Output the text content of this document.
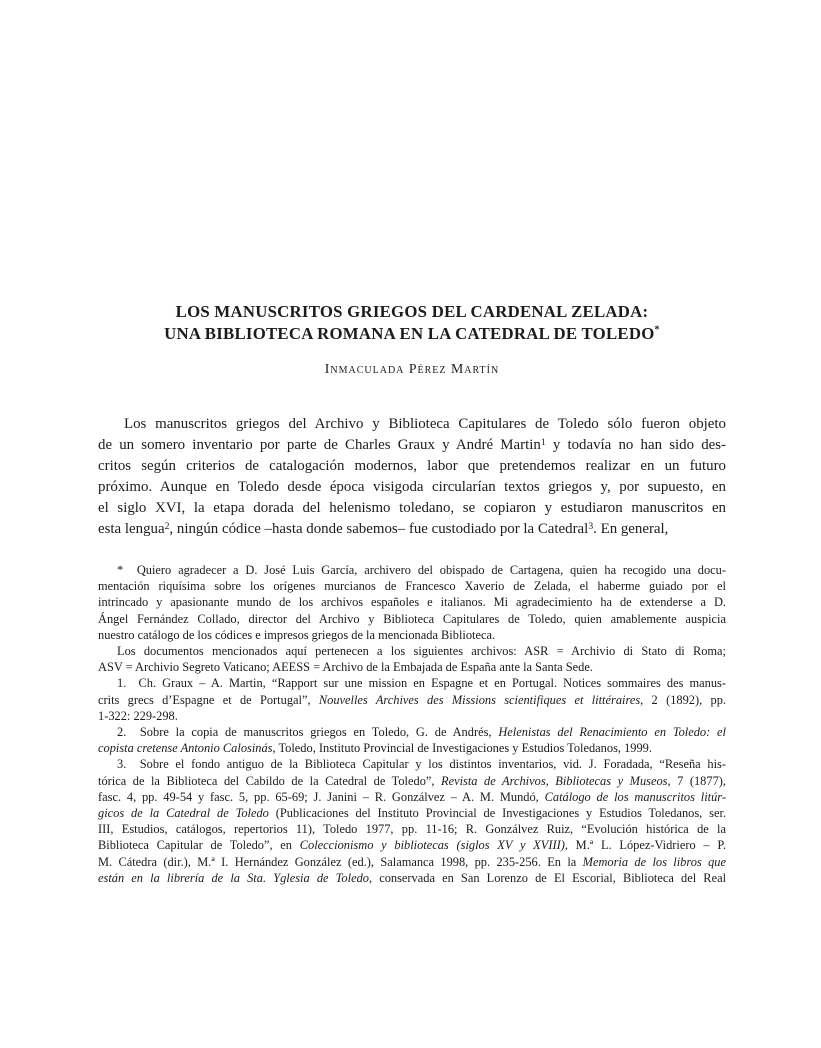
LOS MANUSCRITOS GRIEGOS DEL CARDENAL ZELADA:
UNA BIBLIOTECA ROMANA EN LA CATEDRAL DE TOLEDO*
Inmaculada Pérez Martín
Los manuscritos griegos del Archivo y Biblioteca Capitulares de Toledo sólo fueron objeto
de un somero inventario por parte de Charles Graux y André Martin$^1$ y todavía no han sido des-
critos según criterios de catalogación modernos, labor que pretendemos realizar en un futuro
próximo. Aunque en Toledo desde época visigoda circularían textos griegos y, por supuesto, en
el siglo XVI, la etapa dorada del helenismo toledano, se copiaron y estudiaron manuscritos en
esta lengua$^2$, ningún códice –hasta donde sabemos– fue custodiado por la Catedral$^3$. En general,
*  Quiero agradecer a D. José Luis García, archivero del obispado de Cartagena, quien ha recogido una docu-
mentación riquísima sobre los orígenes murcianos de Francesco Xaverio de Zelada, el haberme guiado por el
intrincado y apasionante mundo de los archivos españoles e italianos. Mi agradecimiento ha de extenderse a D.
Ángel Fernández Collado, director del Archivo y Biblioteca Capitulares de Toledo, quien amablemente auspicia
nuestro catálogo de los códices e impresos griegos de la mencionada Biblioteca.
Los documentos mencionados aquí pertenecen a los siguientes archivos: ASR = Archivio di Stato di Roma;
ASV = Archivio Segreto Vaticano; AEESS = Archivo de la Embajada de España ante la Santa Sede.
1.  Ch. Graux – A. Martin, “Rapport sur une mission en Espagne et en Portugal. Notices sommaires des manus-
crits grecs d’Espagne et de Portugal”, Nouvelles Archives des Missions scientifiques et littéraires, 2 (1892), pp.
1-322: 229-298.
2.  Sobre la copia de manuscritos griegos en Toledo, G. de Andrés, Helenistas del Renacimiento en Toledo: el
copista cretense Antonio Calosinás, Toledo, Instituto Provincial de Investigaciones y Estudios Toledanos, 1999.
3.  Sobre el fondo antiguo de la Biblioteca Capitular y los distintos inventarios, vid. J. Foradada, “Reseña his-
tórica de la Biblioteca del Cabildo de la Catedral de Toledo”, Revista de Archivos, Bibliotecas y Museos, 7 (1877),
fasc. 4, pp. 49-54 y fasc. 5, pp. 65-69; J. Janini – R. Gonzálvez – A. M. Mundó, Catálogo de los manuscritos litúr-
gicos de la Catedral de Toledo (Publicaciones del Instituto Provincial de Investigaciones y Estudios Toledanos, ser.
III, Estudios, catálogos, repertorios 11), Toledo 1977, pp. 11-16; R. Gonzálvez Ruiz, “Evolución histórica de la
Biblioteca Capitular de Toledo”, en Coleccionismo y bibliotecas (siglos XV y XVIII), M.ª L. López-Vidriero – P.
M. Cátedra (dir.), M.ª I. Hernández González (ed.), Salamanca 1998, pp. 235-256. En la Memoria de los libros que
están en la librería de la Sta. Yglesia de Toledo, conservada en San Lorenzo de El Escorial, Biblioteca del Real
